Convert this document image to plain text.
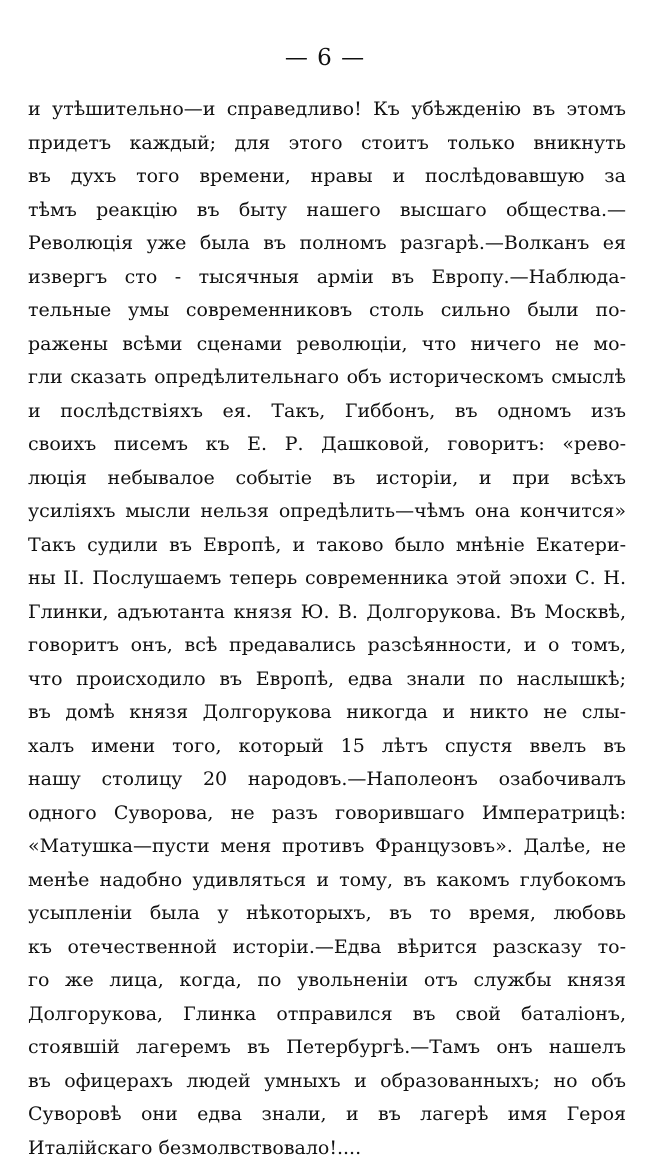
— 6 —
и утѣшительно—и справедливо! Къ убѣжденію въ этомъ
придетъ каждый; для этого стоитъ только вникнуть
въ духъ того времени, нравы и послѣдовавшую за
тѣмъ реакцію въ быту нашего высшаго общества.—
Революція уже была въ полномъ разгарѣ.—Волканъ ея
извергъ сто - тысячныя арміи въ Европу.—Наблюда-
тельные умы современниковъ столь сильно были по-
ражены всѣми сценами революціи, что ничего не мо-
гли сказать опредѣлительнаго объ историческомъ смыслѣ
и послѣдствіяхъ ея. Такъ, Гиббонъ, въ одномъ изъ
своихъ писемъ къ Е. Р. Дашковой, говоритъ: «рево-
люція небывалое событіе въ исторіи, и при всѣхъ
усиліяхъ мысли нельзя опредѣлить—чѣмъ она кончится»
Такъ судили въ Европѣ, и таково было мнѣніе Екатери-
ны II. Послушаемъ теперь современника этой эпохи С. Н.
Глинки, адъютанта князя Ю. В. Долгорукова. Въ Москвѣ,
говоритъ онъ, всѣ предавались разсѣянности, и о томъ,
что происходило въ Европѣ, едва знали по наслышкѣ;
въ домѣ князя Долгорукова никогда и никто не слы-
халъ имени того, который 15 лѣтъ спустя ввелъ въ
нашу столицу 20 народовъ.—Наполеонъ озабочивалъ
одного Суворова, не разъ говорившаго Императрицѣ:
«Матушка—пусти меня противъ Французовъ». Далѣе, не
менѣе надобно удивляться и тому, въ какомъ глубокомъ
усыпленіи была у нѣкоторыхъ, въ то время, любовь
къ отечественной исторіи.—Едва вѣрится разсказу то-
го же лица, когда, по увольненіи отъ службы князя
Долгорукова, Глинка отправился въ свой баталіонъ,
стоявшій лагеремъ въ Петербургѣ.—Тамъ онъ нашелъ
въ офицерахъ людей умныхъ и образованныхъ; но объ
Суворовѣ они едва знали, и въ лагерѣ имя Героя
Италійскаго безмолвствовало!....
